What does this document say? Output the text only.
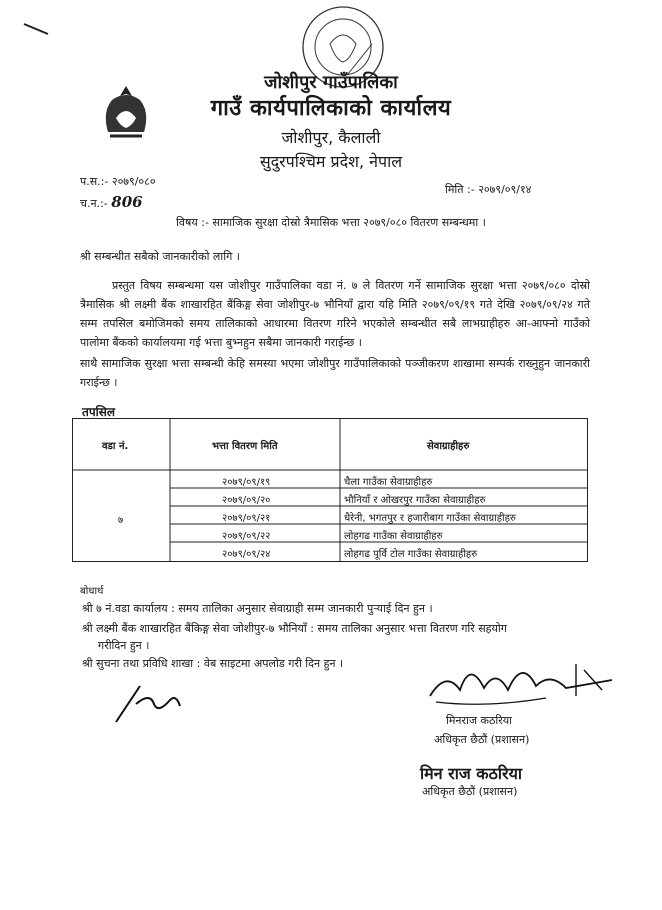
जोशीपुर गाउँपालिका
गाउँ कार्यपालिकाको कार्यालय
जोशीपुर, कैलाली
सुदुरपश्चिम प्रदेश, नेपाल
प.स.:- २०७९/०८०
च.न.:- 806
मिति :- २०७९/०९/१४
विषय :- सामाजिक सुरक्षा दोस्रो त्रैमासिक भत्ता २०७९/०८० वितरण सम्बन्धमा ।
श्री सम्बन्धीत सबैको जानकारीको लागि ।
प्रस्तुत विषय सम्बन्धमा यस जोशीपुर गाउँपालिका वडा नं. ७ ले वितरण गर्ने सामाजिक सुरक्षा भत्ता २०७९/०८० दोस्रो त्रैमासिक श्री लक्ष्मी बैंक शाखारहित बैंकिङ्ग सेवा जोशीपुर-७ भौनियाँ द्वारा यहि मिति २०७९/०९/१९ गते देखि २०७९/०९/२४ गते सम्म तपसिल बमोजिमको समय तालिकाको आधारमा वितरण गरिने भएकोले सम्बन्धीत सबै लाभग्राहीहरु आ-आफ्नो गाउँको पालोमा बैंकको कार्यालयमा गई भत्ता बुभ्नहुन सबैमा जानकारी गराईन्छ ।
साथै सामाजिक सुरक्षा भत्ता सम्बन्धी केहि समस्या भएमा जोशीपुर गाउँपालिकाको पञ्जीकरण शाखामा सम्पर्क राख्नुहुन जानकारी गराईन्छ ।
तपसिल
वडा नं.	भत्ता वितरण मिति	सेवाग्राहीहरु
७
२०७९/०९/१९	चैला गाउँका सेवाग्राहीहरु
२०७९/०९/२०	भौनियाँ र ओखरपुर गाउँका सेवाग्राहीहरु
२०७९/०९/२१	धैरेनी, भगतपुर र हजारीबाग गाउँका सेवाग्राहीहरु
२०७९/०९/२२	लोहगढ गाउँका सेवाग्राहीहरु
२०७९/०९/२४	लोहगढ पूर्वि टोल गाउँका सेवाग्राहीहरु
बोधार्थ
श्री ७ नं.वडा कार्यालय : समय तालिका अनुसार सेवाग्राही सम्म जानकारी पुऱ्याई दिन हुन ।
श्री लक्ष्मी बैंक शाखारहित बैंकिङ्ग सेवा जोशीपुर-७ भौनियाँ : समय तालिका अनुसार भत्ता वितरण गरि सहयोग
गरीदिन हुन ।
श्री सुचना तथा प्रविधि शाखा : वेब साइटमा अपलोड गरी दिन हुन ।
मिनराज कठरिया
अधिकृत छैठौं (प्रशासन)
मिन राज कठरिया
अधिकृत छैठौं (प्रशासन)
